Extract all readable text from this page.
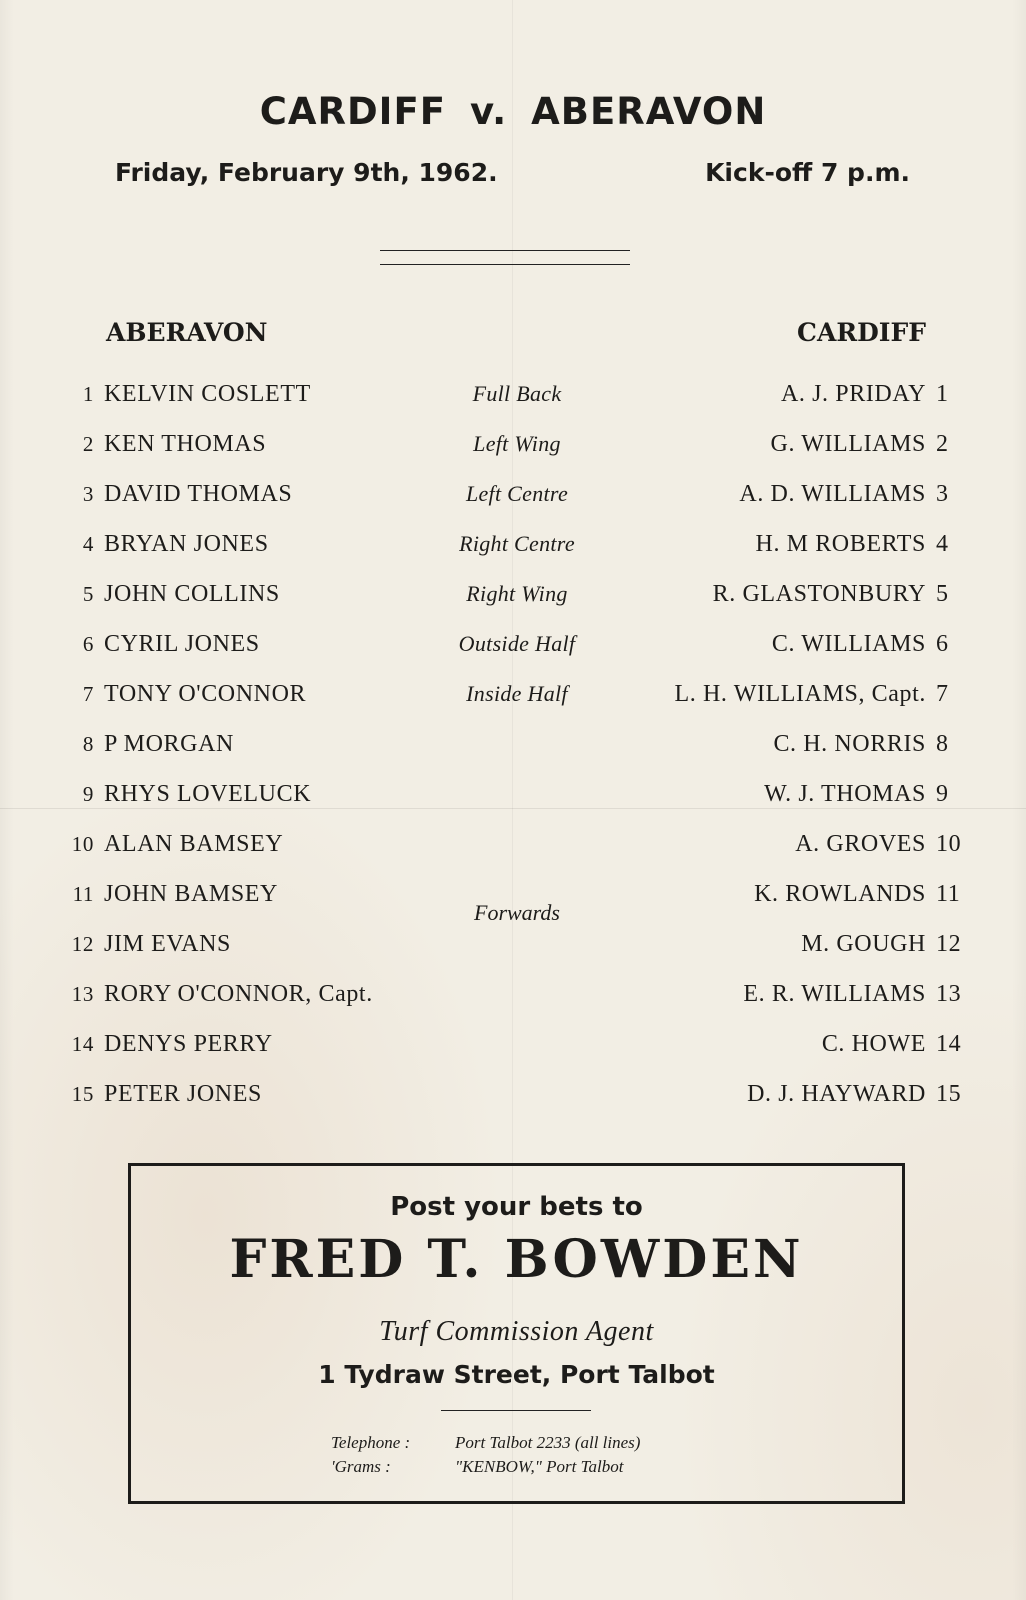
CARDIFF v. ABERAVON
Friday, February 9th, 1962.	Kick-off 7 p.m.
ABERAVON	CARDIFF
1 KELVIN COSLETT	Full Back	A. J. PRIDAY 1
2 KEN THOMAS	Left Wing	G. WILLIAMS 2
3 DAVID THOMAS	Left Centre	A. D. WILLIAMS 3
4 BRYAN JONES	Right Centre	H. M ROBERTS 4
5 JOHN COLLINS	Right Wing	R. GLASTONBURY 5
6 CYRIL JONES	Outside Half	C. WILLIAMS 6
7 TONY O'CONNOR	Inside Half	L. H. WILLIAMS, Capt. 7
8 P MORGAN	C. H. NORRIS 8
9 RHYS LOVELUCK	W. J. THOMAS 9
10 ALAN BAMSEY	A. GROVES 10
11 JOHN BAMSEY	K. ROWLANDS 11
12 JIM EVANS	M. GOUGH 12
13 RORY O'CONNOR, Capt.	E. R. WILLIAMS 13
14 DENYS PERRY	C. HOWE 14
15 PETER JONES	D. J. HAYWARD 15
Forwards
Post your bets to
FRED T. BOWDEN
Turf Commission Agent
1 Tydraw Street, Port Talbot
Telephone :	Port Talbot 2233 (all lines)
'Grams :	"KENBOW," Port Talbot
